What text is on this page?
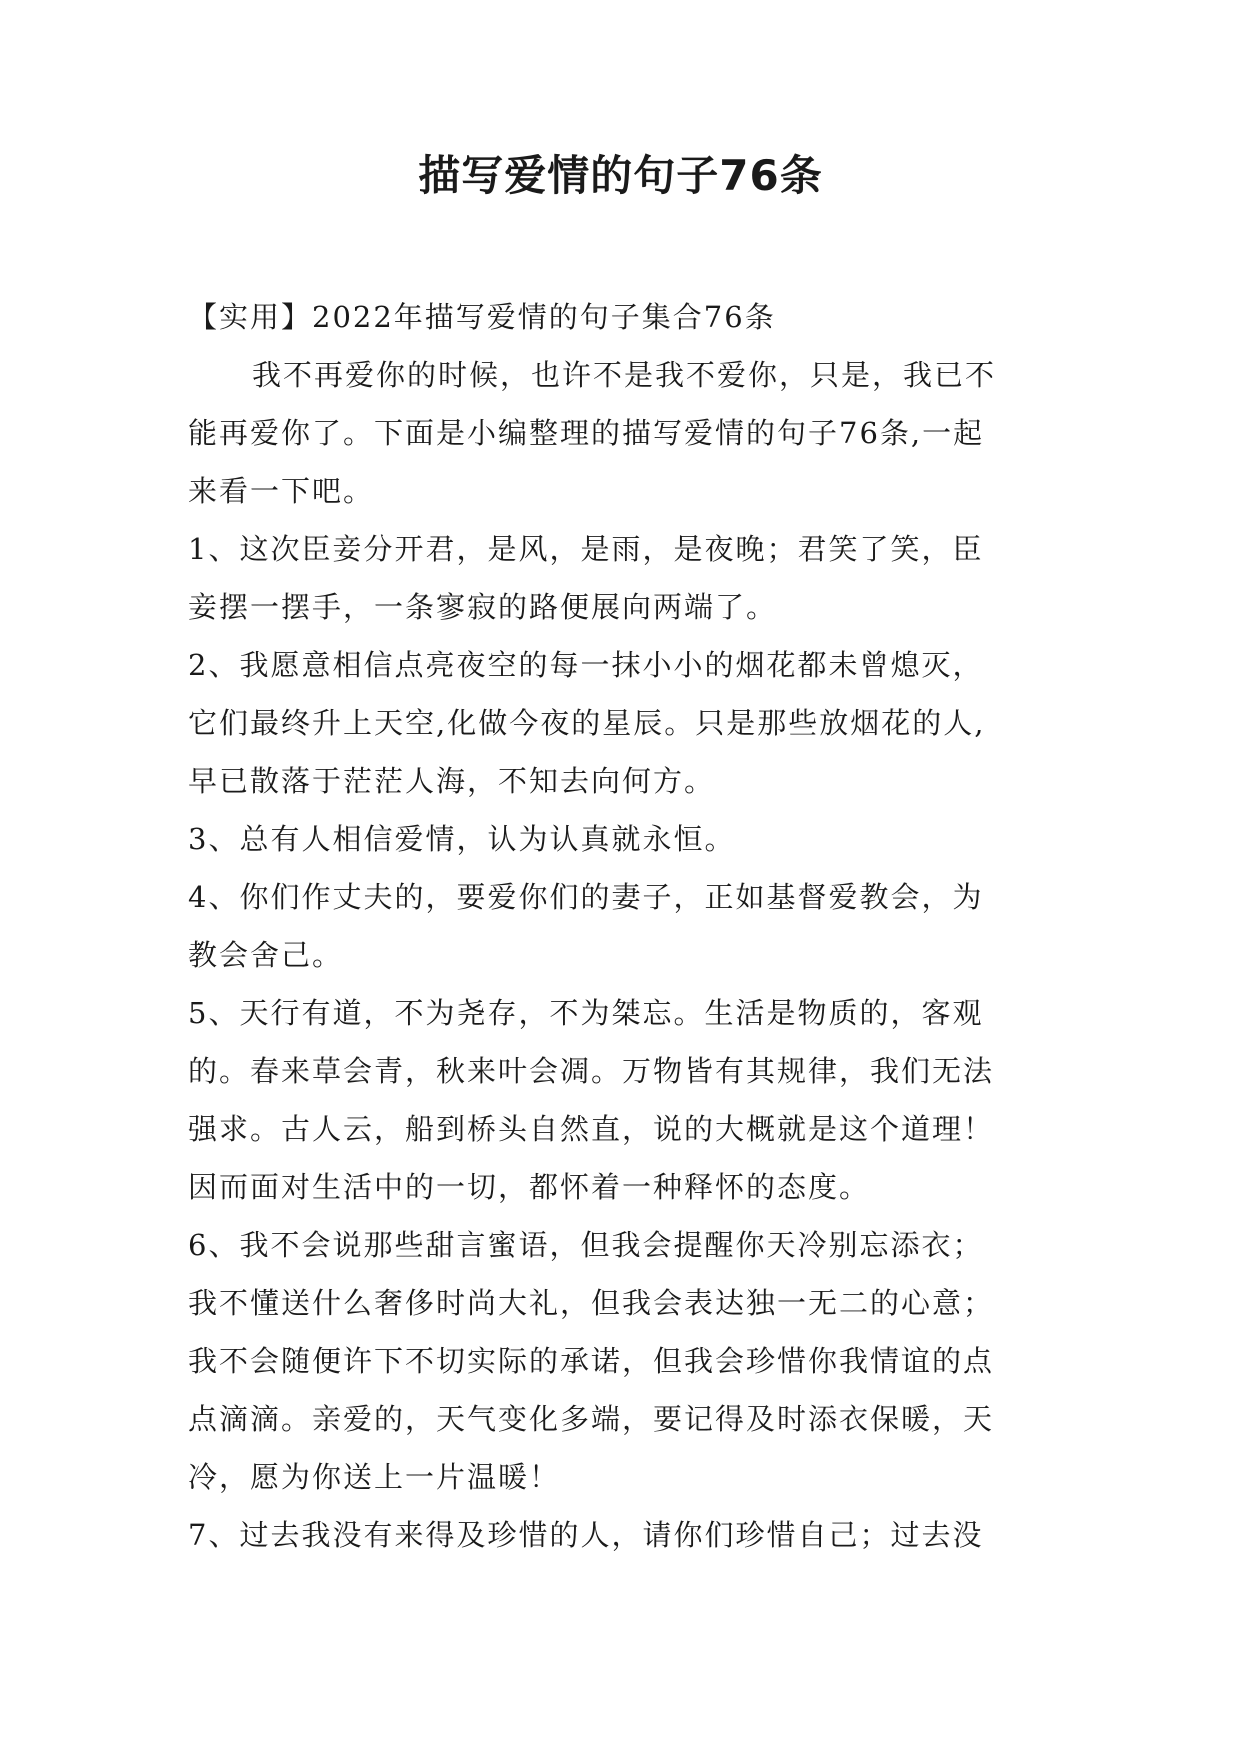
描写爱情的句子76条
【实用】2022年描写爱情的句子集合76条
我不再爱你的时候，也许不是我不爱你，只是，我已不
能再爱你了。下面是小编整理的描写爱情的句子76条,一起
来看一下吧。
1、这次臣妾分开君，是风，是雨，是夜晚；君笑了笑，臣
妾摆一摆手，一条寥寂的路便展向两端了。
2、我愿意相信点亮夜空的每一抹小小的烟花都未曾熄灭，
它们最终升上天空,化做今夜的星辰。只是那些放烟花的人,
早已散落于茫茫人海，不知去向何方。
3、总有人相信爱情，认为认真就永恒。
4、你们作丈夫的，要爱你们的妻子，正如基督爱教会，为
教会舍己。
5、天行有道，不为尧存，不为桀忘。生活是物质的，客观
的。春来草会青，秋来叶会凋。万物皆有其规律，我们无法
强求。古人云，船到桥头自然直，说的大概就是这个道理！
因而面对生活中的一切，都怀着一种释怀的态度。
6、我不会说那些甜言蜜语，但我会提醒你天冷别忘添衣；
我不懂送什么奢侈时尚大礼，但我会表达独一无二的心意；
我不会随便许下不切实际的承诺，但我会珍惜你我情谊的点
点滴滴。亲爱的，天气变化多端，要记得及时添衣保暖，天
冷，愿为你送上一片温暖！
7、过去我没有来得及珍惜的人，请你们珍惜自己；过去没
